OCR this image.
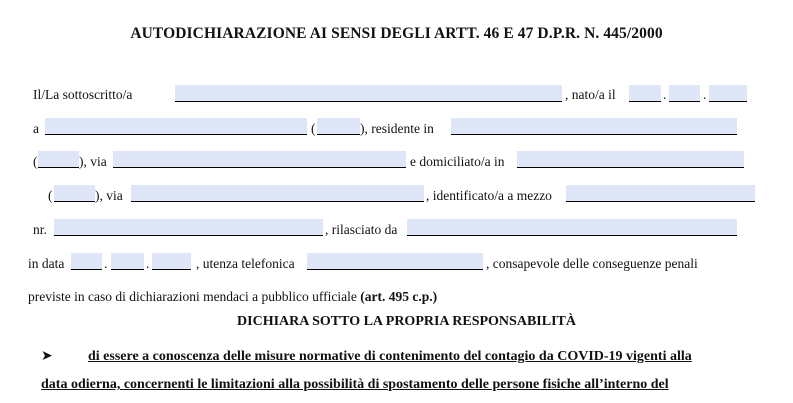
AUTODICHIARAZIONE AI SENSI DEGLI ARTT. 46 E 47 D.P.R. N. 445/2000
Il/La sottoscritto/a	, nato/a il	.	.
a	(	), residente in
(	), via	e domiciliato/a in
(	), via	, identificato/a a mezzo
nr.	, rilasciato da
in data	.	.	, utenza telefonica	, consapevole delle conseguenze penali
previste in caso di dichiarazioni mendaci a pubblico ufficiale (art. 495 c.p.)
DICHIARA SOTTO LA PROPRIA RESPONSABILITÀ
➤	di essere a conoscenza delle misure normative di contenimento del contagio da COVID-19 vigenti alla
data odierna, concernenti le limitazioni alla possibilità di spostamento delle persone fisiche all’interno del
